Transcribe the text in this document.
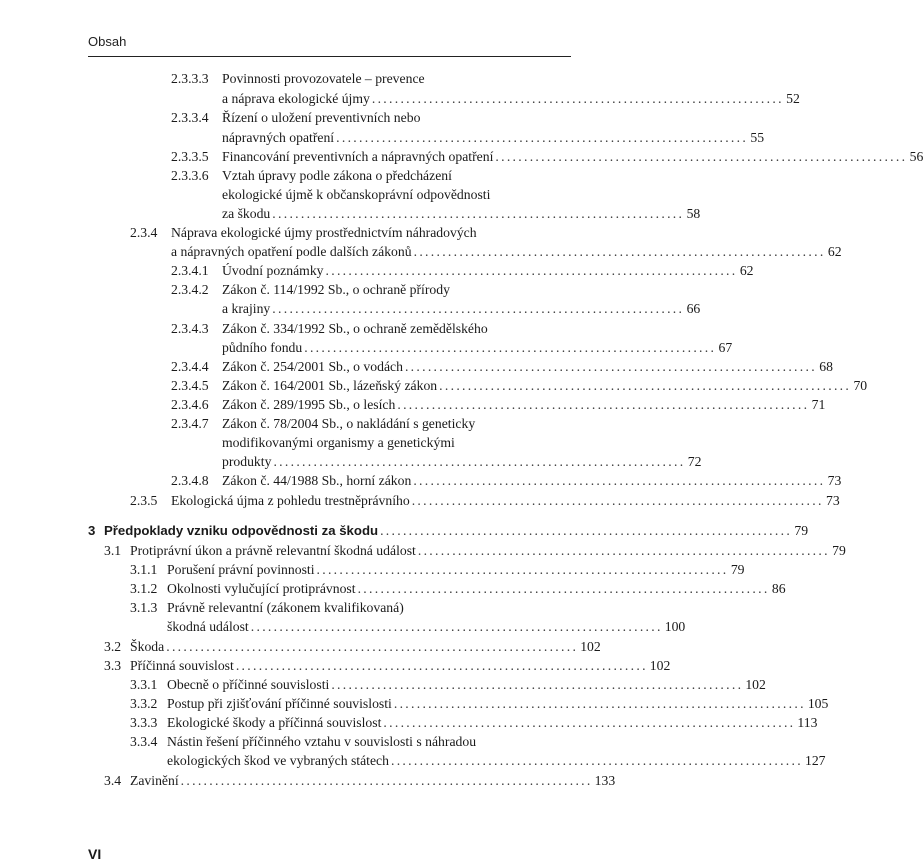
Obsah
2.3.3.3 Povinnosti provozovatele – prevence
a náprava ekologické újmy ........................................................................ 52
2.3.3.4 Řízení o uložení preventivních nebo
nápravných opatření ........................................................................ 55
2.3.3.5 Financování preventivních a nápravných opatření ........................................................................ 56
2.3.3.6 Vztah úpravy podle zákona o předcházení
ekologické újmě k občanskoprávní odpovědnosti
za škodu ........................................................................ 58
2.3.4 Náprava ekologické újmy prostřednictvím náhradových
a nápravných opatření podle dalších zákonů ........................................................................ 62
2.3.4.1 Úvodní poznámky ........................................................................ 62
2.3.4.2 Zákon č. 114/1992 Sb., o ochraně přírody
a krajiny ........................................................................ 66
2.3.4.3 Zákon č. 334/1992 Sb., o ochraně zemědělského
půdního fondu ........................................................................ 67
2.3.4.4 Zákon č. 254/2001 Sb., o vodách ........................................................................ 68
2.3.4.5 Zákon č. 164/2001 Sb., lázeňský zákon ........................................................................ 70
2.3.4.6 Zákon č. 289/1995 Sb., o lesích ........................................................................ 71
2.3.4.7 Zákon č. 78/2004 Sb., o nakládání s geneticky
modifikovanými organismy a genetickými
produkty ........................................................................ 72
2.3.4.8 Zákon č. 44/1988 Sb., horní zákon ........................................................................ 73
2.3.5 Ekologická újma z pohledu trestněprávního ........................................................................ 73
3 Předpoklady vzniku odpovědnosti za škodu ........................................................................ 79
3.1 Protiprávní úkon a právně relevantní škodná událost ........................................................................ 79
3.1.1 Porušení právní povinnosti ........................................................................ 79
3.1.2 Okolnosti vylučující protiprávnost ........................................................................ 86
3.1.3 Právně relevantní (zákonem kvalifikovaná)
škodná událost ........................................................................ 100
3.2 Škoda ........................................................................ 102
3.3 Příčinná souvislost ........................................................................ 102
3.3.1 Obecně o příčinné souvislosti ........................................................................ 102
3.3.2 Postup při zjišťování příčinné souvislosti ........................................................................ 105
3.3.3 Ekologické škody a příčinná souvislost ........................................................................ 113
3.3.4 Nástin řešení příčinného vztahu v souvislosti s náhradou
ekologických škod ve vybraných státech ........................................................................ 127
3.4 Zavinění ........................................................................ 133
VI
